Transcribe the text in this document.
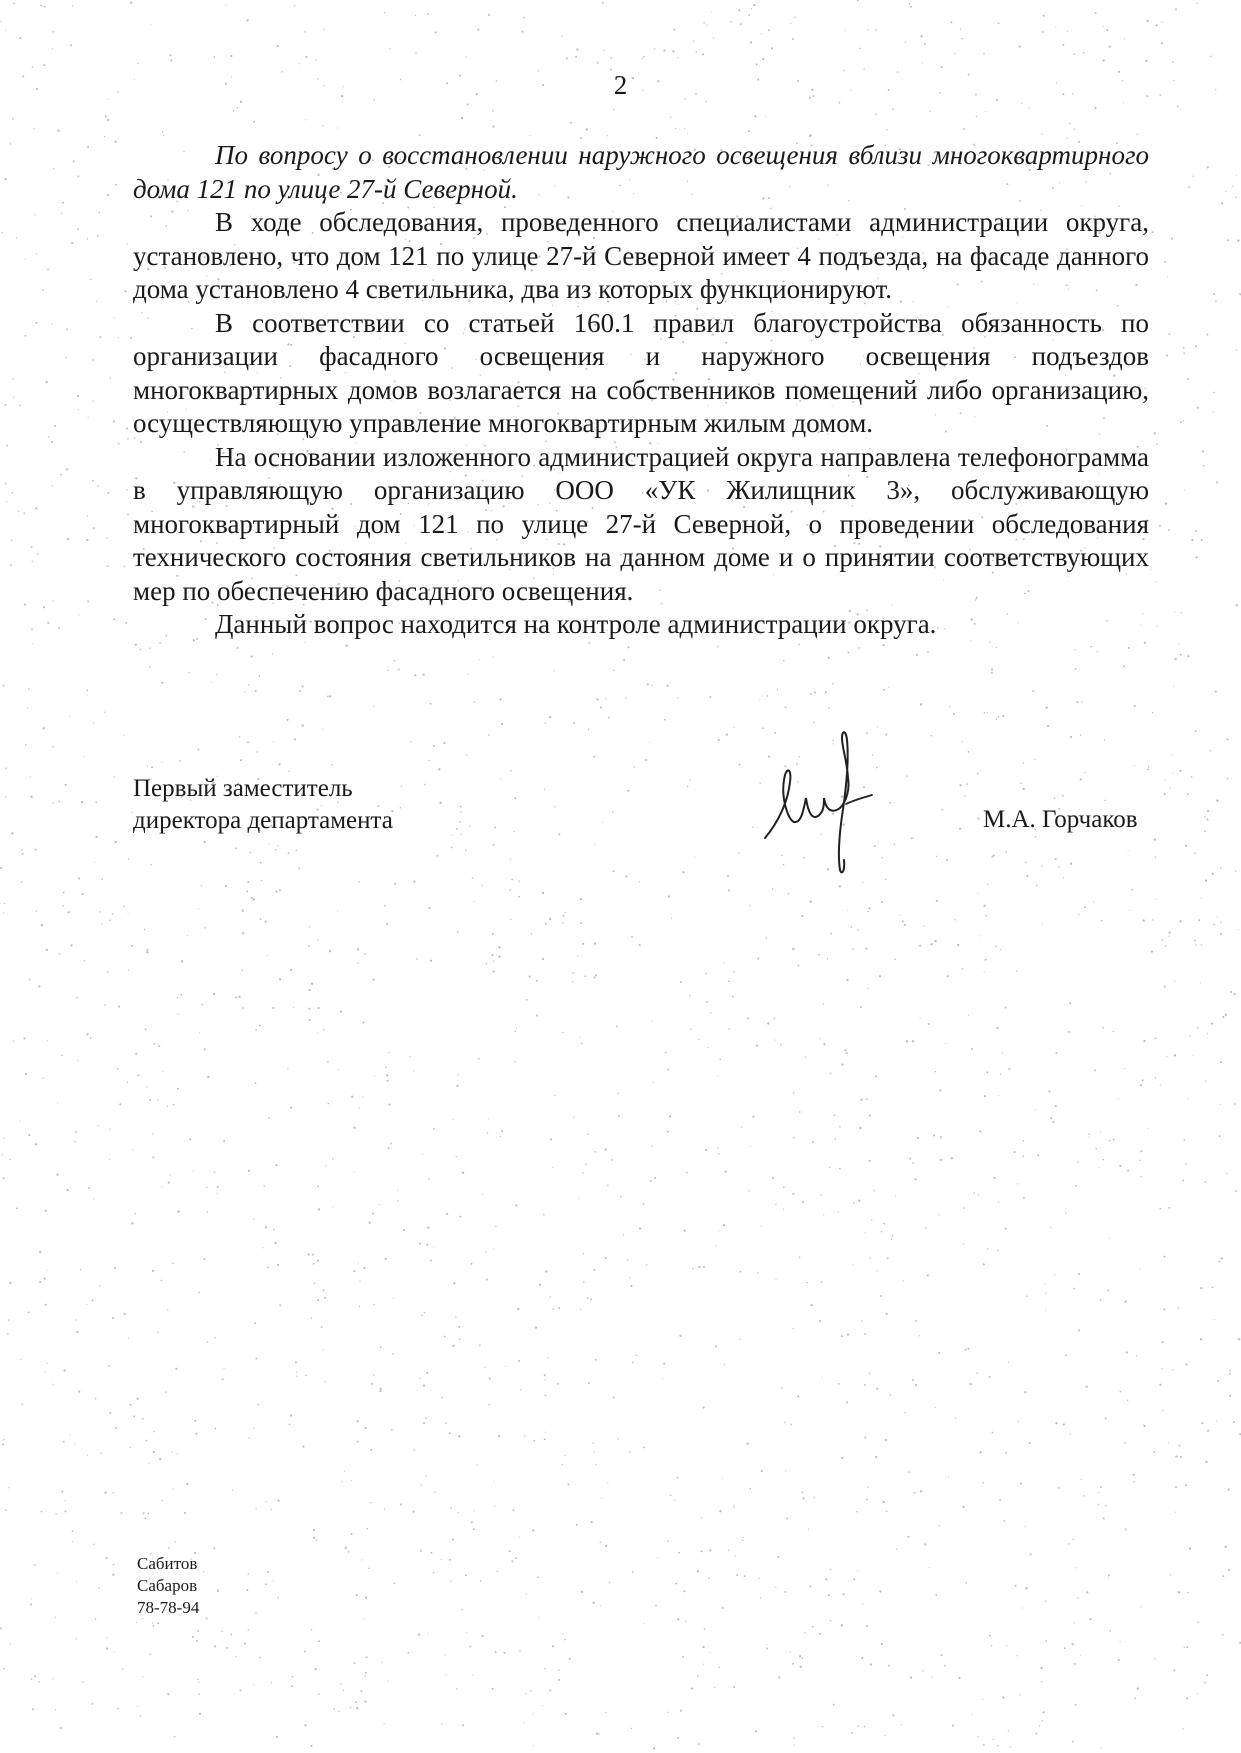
2

По вопросу о восстановлении наружного освещения вблизи многоквартирного дома 121 по улице 27-й Северной.

В ходе обследования, проведенного специалистами администрации округа, установлено, что дом 121 по улице 27-й Северной имеет 4 подъезда, на фасаде данного дома установлено 4 светильника, два из которых функционируют.

В соответствии со статьей 160.1 правил благоустройства обязанность по организации фасадного освещения и наружного освещения подъездов многоквартирных домов возлагается на собственников помещений либо организацию, осуществляющую управление многоквартирным жилым домом.

На основании изложенного администрацией округа направлена телефонограмма в управляющую организацию ООО «УК Жилищник 3», обслуживающую многоквартирный дом 121 по улице 27-й Северной, о проведении обследования технического состояния светильников на данном доме и о принятии соответствующих мер по обеспечению фасадного освещения.

Данный вопрос находится на контроле администрации округа.

Первый заместитель
директора департамента	М.А. Горчаков
Сабитов
Сабаров
78-78-94
